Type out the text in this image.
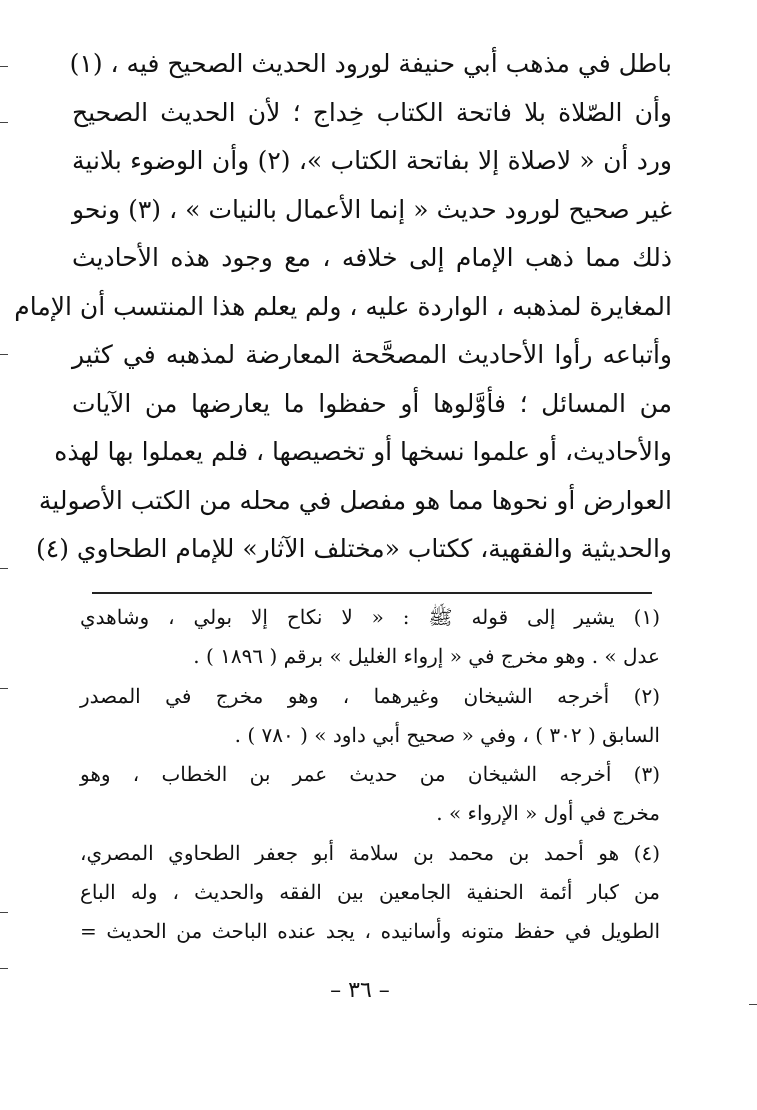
باطل في مذهب أبي حنيفة لورود الحديث الصحيح فيه ، (١)
وأن الصّلاة بلا فاتحة الكتاب خِداج ؛ لأن الحديث الصحيح
ورد أن « لاصلاة إلا بفاتحة الكتاب »، (٢) وأن الوضوء بلانية
غير صحيح لورود حديث « إنما الأعمال بالنيات » ، (٣) ونحو
ذلك مما ذهب الإمام إلى خلافه ، مع وجود هذه الأحاديث
المغايرة لمذهبه ، الواردة عليه ، ولم يعلم هذا المنتسب أن الإمام
وأتباعه رأوا الأحاديث المصحَّحة المعارضة لمذهبه في كثير
من المسائل ؛ فأوَّلوها أو حفظوا ما يعارضها من الآيات
والأحاديث، أو علموا نسخها أو تخصيصها ، فلم يعملوا بها لهذه
العوارض أو نحوها مما هو مفصل في محله من الكتب الأصولية
والحديثية والفقهية، ككتاب «مختلف الآثار» للإمام الطحاوي (٤)
(١) يشير إلى قوله ﷺ : « لا نكاح إلا بولي ، وشاهدي
عدل » . وهو مخرج في « إرواء الغليل » برقم ( ١٨٩٦ ) .
(٢) أخرجه الشيخان وغيرهما ، وهو مخرج في المصدر
السابق ( ٣٠٢ ) ، وفي « صحيح أبي داود » ( ٧٨٠ ) .
(٣) أخرجه الشيخان من حديث عمر بن الخطاب ، وهو
مخرج في أول « الإرواء » .
(٤) هو أحمد بن محمد بن سلامة أبو جعفر الطحاوي المصري،
من كبار أئمة الحنفية الجامعين بين الفقه والحديث ، وله الباع
الطويل في حفظ متونه وأسانيده ، يجد عنده الباحث من الحديث =
– ٣٦ –
